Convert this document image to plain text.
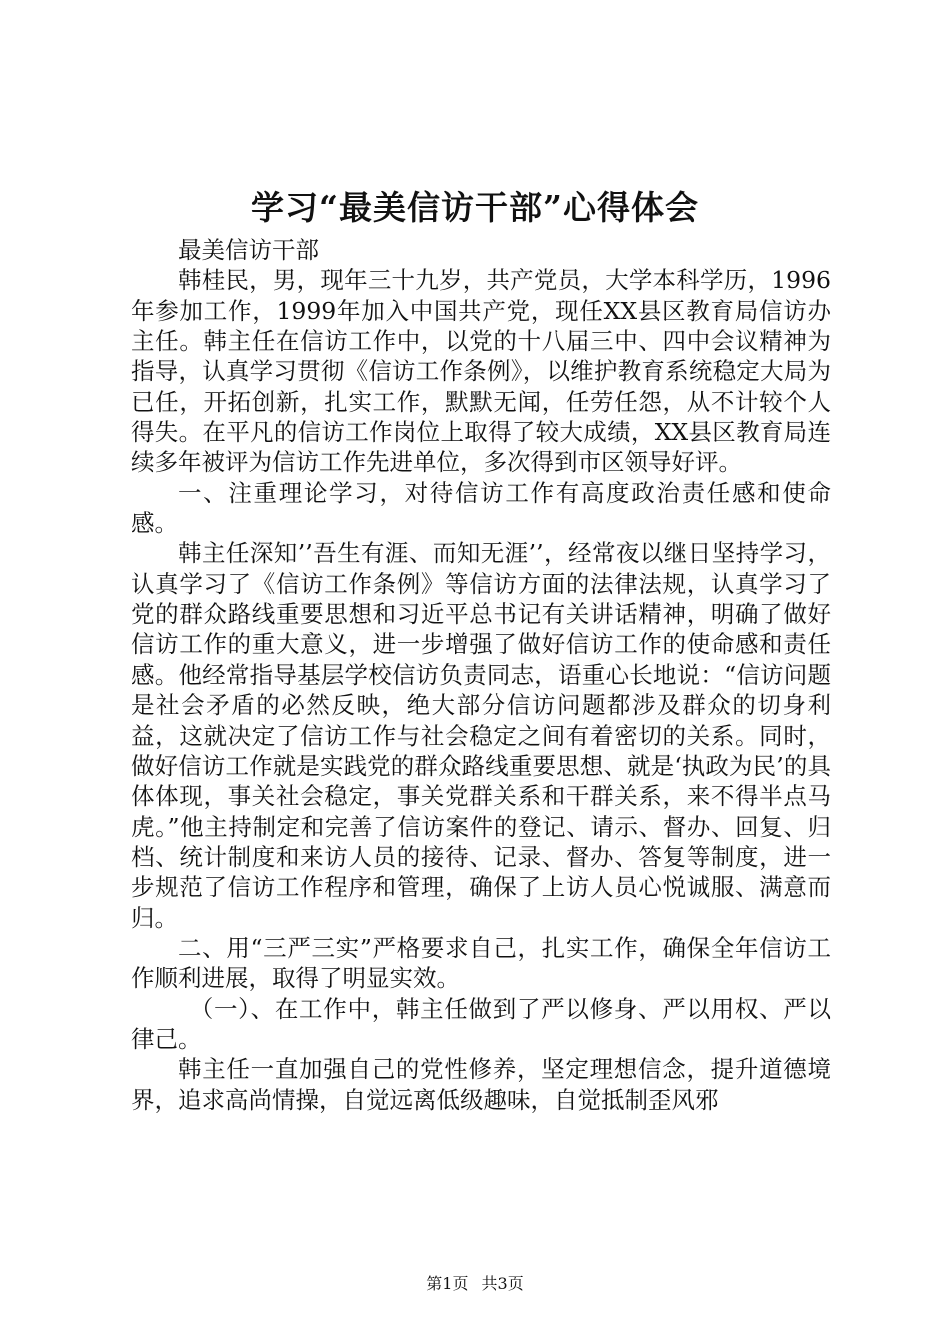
学习“最美信访干部”心得体会

最美信访干部

韩桂民，男，现年三十九岁，共产党员，大学本科学历，1996年参加工作，1999年加入中国共产党，现任XX县区教育局信访办主任。韩主任在信访工作中，以党的十八届三中、四中会议精神为指导，认真学习贯彻《信访工作条例》，以维护教育系统稳定大局为已任，开拓创新，扎实工作，默默无闻，任劳任怨，从不计较个人得失。在平凡的信访工作岗位上取得了较大成绩，XX县区教育局连续多年被评为信访工作先进单位，多次得到市区领导好评。

一、注重理论学习，对待信访工作有高度政治责任感和使命感。

韩主任深知’’吾生有涯、而知无涯’’，经常夜以继日坚持学习，认真学习了《信访工作条例》等信访方面的法律法规，认真学习了党的群众路线重要思想和习近平总书记有关讲话精神，明确了做好信访工作的重大意义，进一步增强了做好信访工作的使命感和责任感。他经常指导基层学校信访负责同志，语重心长地说：“信访问题是社会矛盾的必然反映，绝大部分信访问题都涉及群众的切身利益，这就决定了信访工作与社会稳定之间有着密切的关系。同时，做好信访工作就是实践党的群众路线重要思想、就是‘执政为民’的具体体现，事关社会稳定，事关党群关系和干群关系，来不得半点马虎。”他主持制定和完善了信访案件的登记、请示、督办、回复、归档、统计制度和来访人员的接待、记录、督办、答复等制度，进一步规范了信访工作程序和管理，确保了上访人员心悦诚服、满意而归。

二、用“三严三实”严格要求自己，扎实工作，确保全年信访工作顺利进展，取得了明显实效。

（一）、在工作中，韩主任做到了严以修身、严以用权、严以律己。

韩主任一直加强自己的党性修养，坚定理想信念，提升道德境界，追求高尚情操，自觉远离低级趣味，自觉抵制歪风邪

第1页 共3页
